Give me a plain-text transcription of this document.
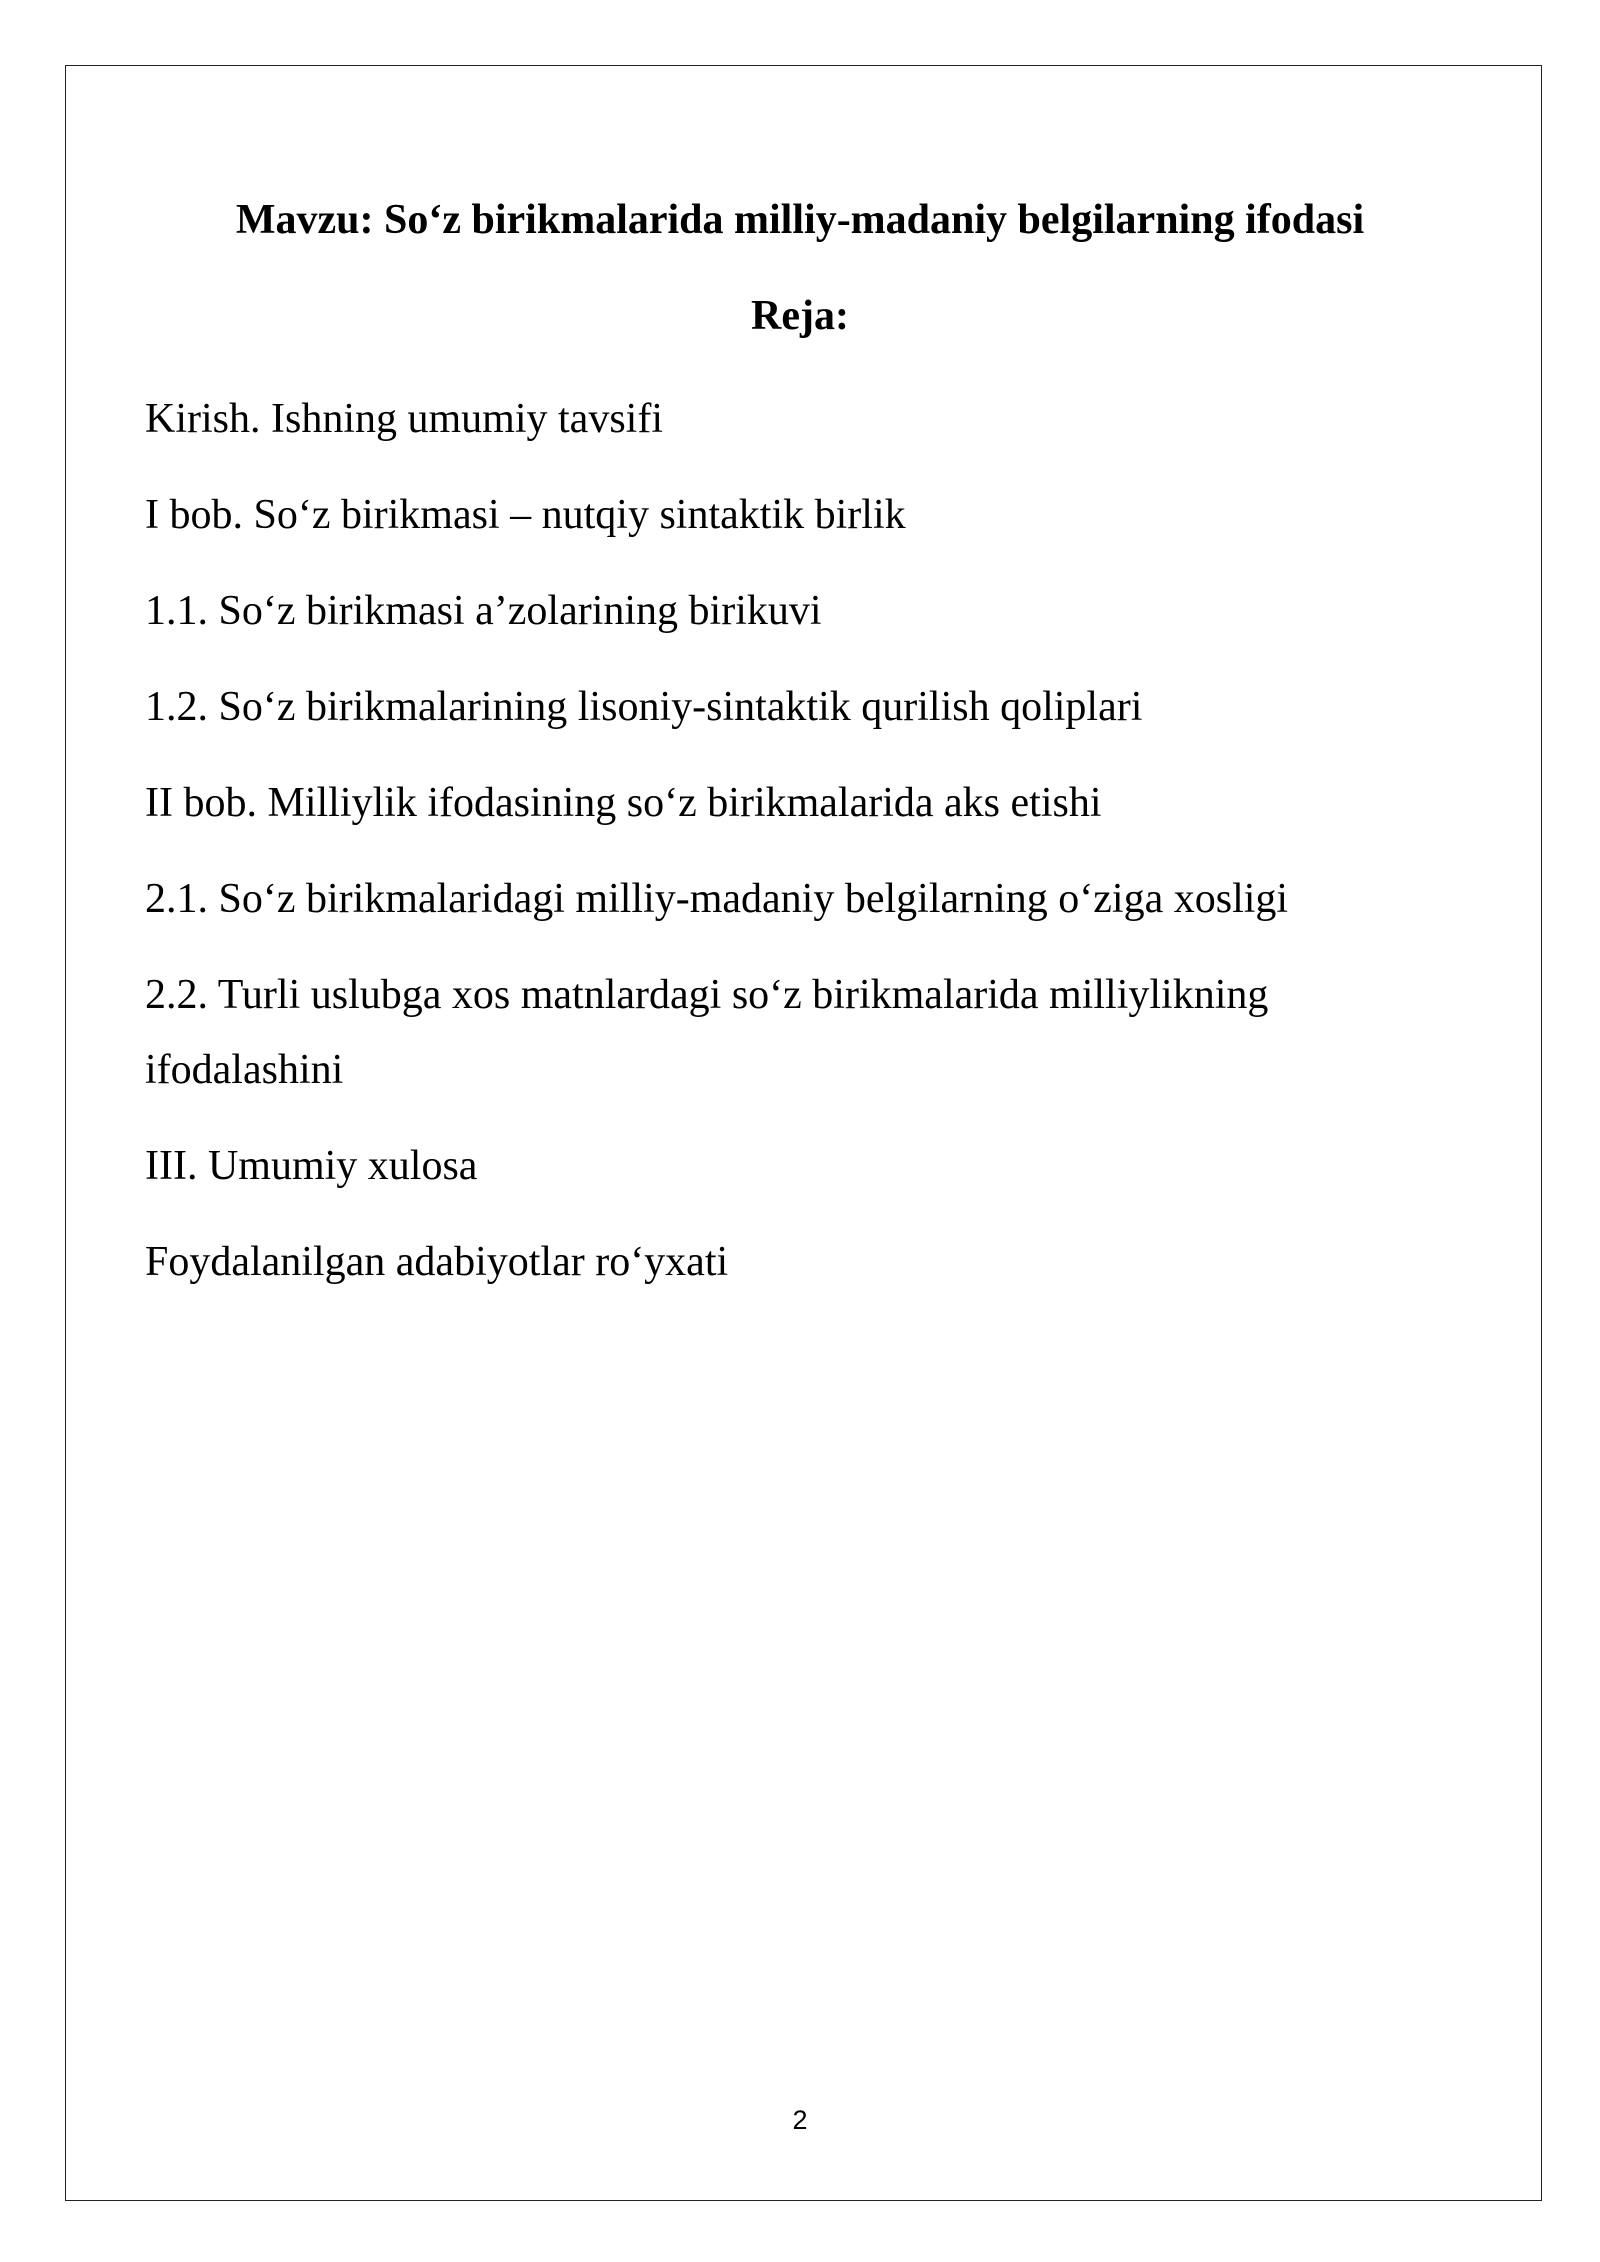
Mavzu: So‘z birikmalarida milliy-madaniy belgilarning ifodasi
Reja:
Kirish. Ishning umumiy tavsifi
I bob. So‘z birikmasi – nutqiy sintaktik birlik
1.1. So‘z birikmasi a’zolarining birikuvi
1.2. So‘z birikmalarining lisoniy-sintaktik qurilish qoliplari
II bob. Milliylik ifodasining so‘z birikmalarida aks etishi
2.1. So‘z birikmalaridagi milliy-madaniy belgilarning o‘ziga xosligi
2.2. Turli uslubga xos matnlardagi so‘z birikmalarida milliylikning ifodalashini
III. Umumiy xulosa
Foydalanilgan adabiyotlar ro‘yxati
2
